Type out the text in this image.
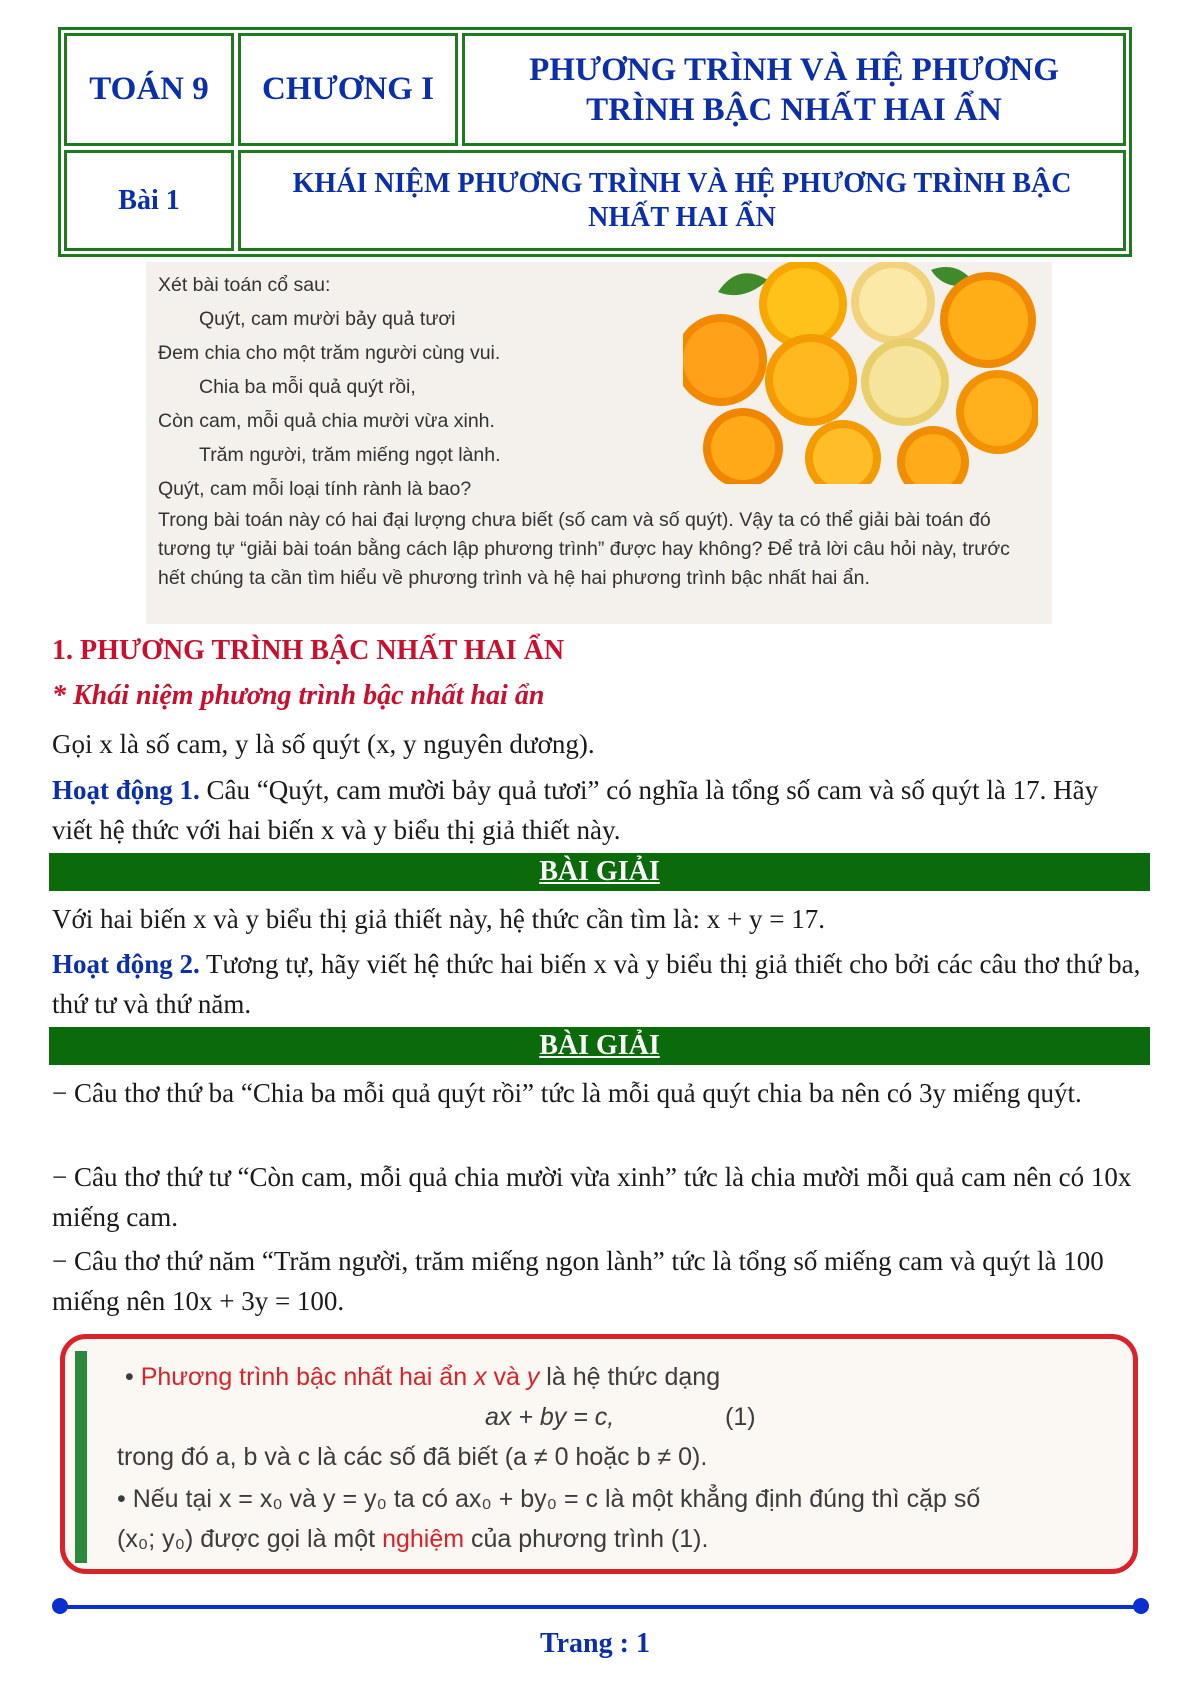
TOÁN 9 CHƯƠNG I
PHƯƠNG TRÌNH VÀ HỆ PHƯƠNG
TRÌNH BẬC NHẤT HAI ẨN
Bài 1
KHÁI NIỆM PHƯƠNG TRÌNH VÀ HỆ PHƯƠNG TRÌNH BẬC
NHẤT HAI ẨN
Xét bài toán cổ sau:
Quýt, cam mười bảy quả tươi
Đem chia cho một trăm người cùng vui.
Chia ba mỗi quả quýt rồi,
Còn cam, mỗi quả chia mười vừa xinh.
Trăm người, trăm miếng ngọt lành.
Quýt, cam mỗi loại tính rành là bao?
Trong bài toán này có hai đại lượng chưa biết (số cam và số quýt). Vậy ta có thể giải bài toán đó tương tự “giải bài toán bằng cách lập phương trình” được hay không? Để trả lời câu hỏi này, trước hết chúng ta cần tìm hiểu về phương trình và hệ hai phương trình bậc nhất hai ẩn.
1. PHƯƠNG TRÌNH BẬC NHẤT HAI ẨN
* Khái niệm phương trình bậc nhất hai ẩn
Gọi x là số cam, y là số quýt (x, y nguyên dương).
Hoạt động 1. Câu “Quýt, cam mười bảy quả tươi” có nghĩa là tổng số cam và số quýt là 17. Hãy viết hệ thức với hai biến x và y biểu thị giả thiết này.
BÀI GIẢI
Với hai biến x và y biểu thị giả thiết này, hệ thức cần tìm là: x + y = 17.
Hoạt động 2. Tương tự, hãy viết hệ thức hai biến x và y biểu thị giả thiết cho bởi các câu thơ thứ ba, thứ tư và thứ năm.
BÀI GIẢI
− Câu thơ thứ ba “Chia ba mỗi quả quýt rồi” tức là mỗi quả quýt chia ba nên có 3y miếng quýt.
− Câu thơ thứ tư “Còn cam, mỗi quả chia mười vừa xinh” tức là chia mười mỗi quả cam nên có 10x miếng cam.
− Câu thơ thứ năm “Trăm người, trăm miếng ngon lành” tức là tổng số miếng cam và quýt là 100 miếng nên 10x + 3y = 100.
• Phương trình bậc nhất hai ẩn x và y là hệ thức dạng
ax + by = c,	(1)
trong đó a, b và c là các số đã biết (a ≠ 0 hoặc b ≠ 0).
• Nếu tại x = x₀ và y = y₀ ta có ax₀ + by₀ = c là một khẳng định đúng thì cặp số
(x₀; y₀) được gọi là một nghiệm của phương trình (1).
Trang : 1
